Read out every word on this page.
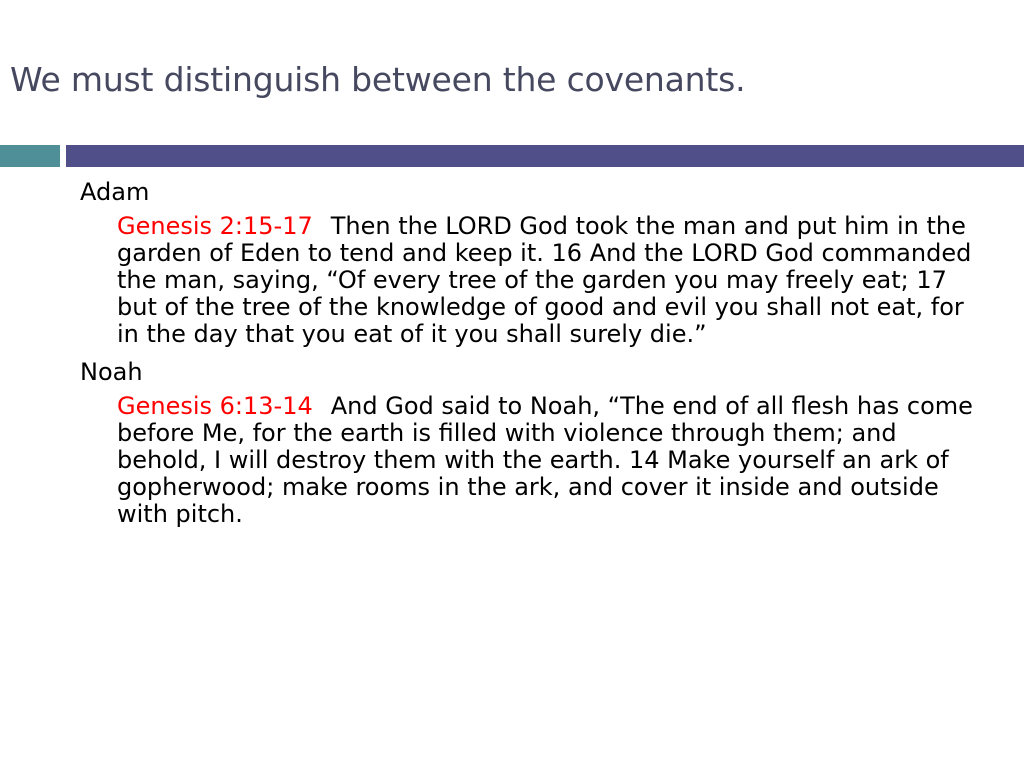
We must distinguish between the covenants.
Adam
Genesis 2:15-17 Then the LORD God took the man and put him in the garden of Eden to tend and keep it. 16 And the LORD God commanded the man, saying, “Of every tree of the garden you may freely eat; 17 but of the tree of the knowledge of good and evil you shall not eat, for in the day that you eat of it you shall surely die.”
Noah
Genesis 6:13-14 And God said to Noah, “The end of all flesh has come before Me, for the earth is filled with violence through them; and behold, I will destroy them with the earth. 14 Make yourself an ark of gopherwood; make rooms in the ark, and cover it inside and outside with pitch.
